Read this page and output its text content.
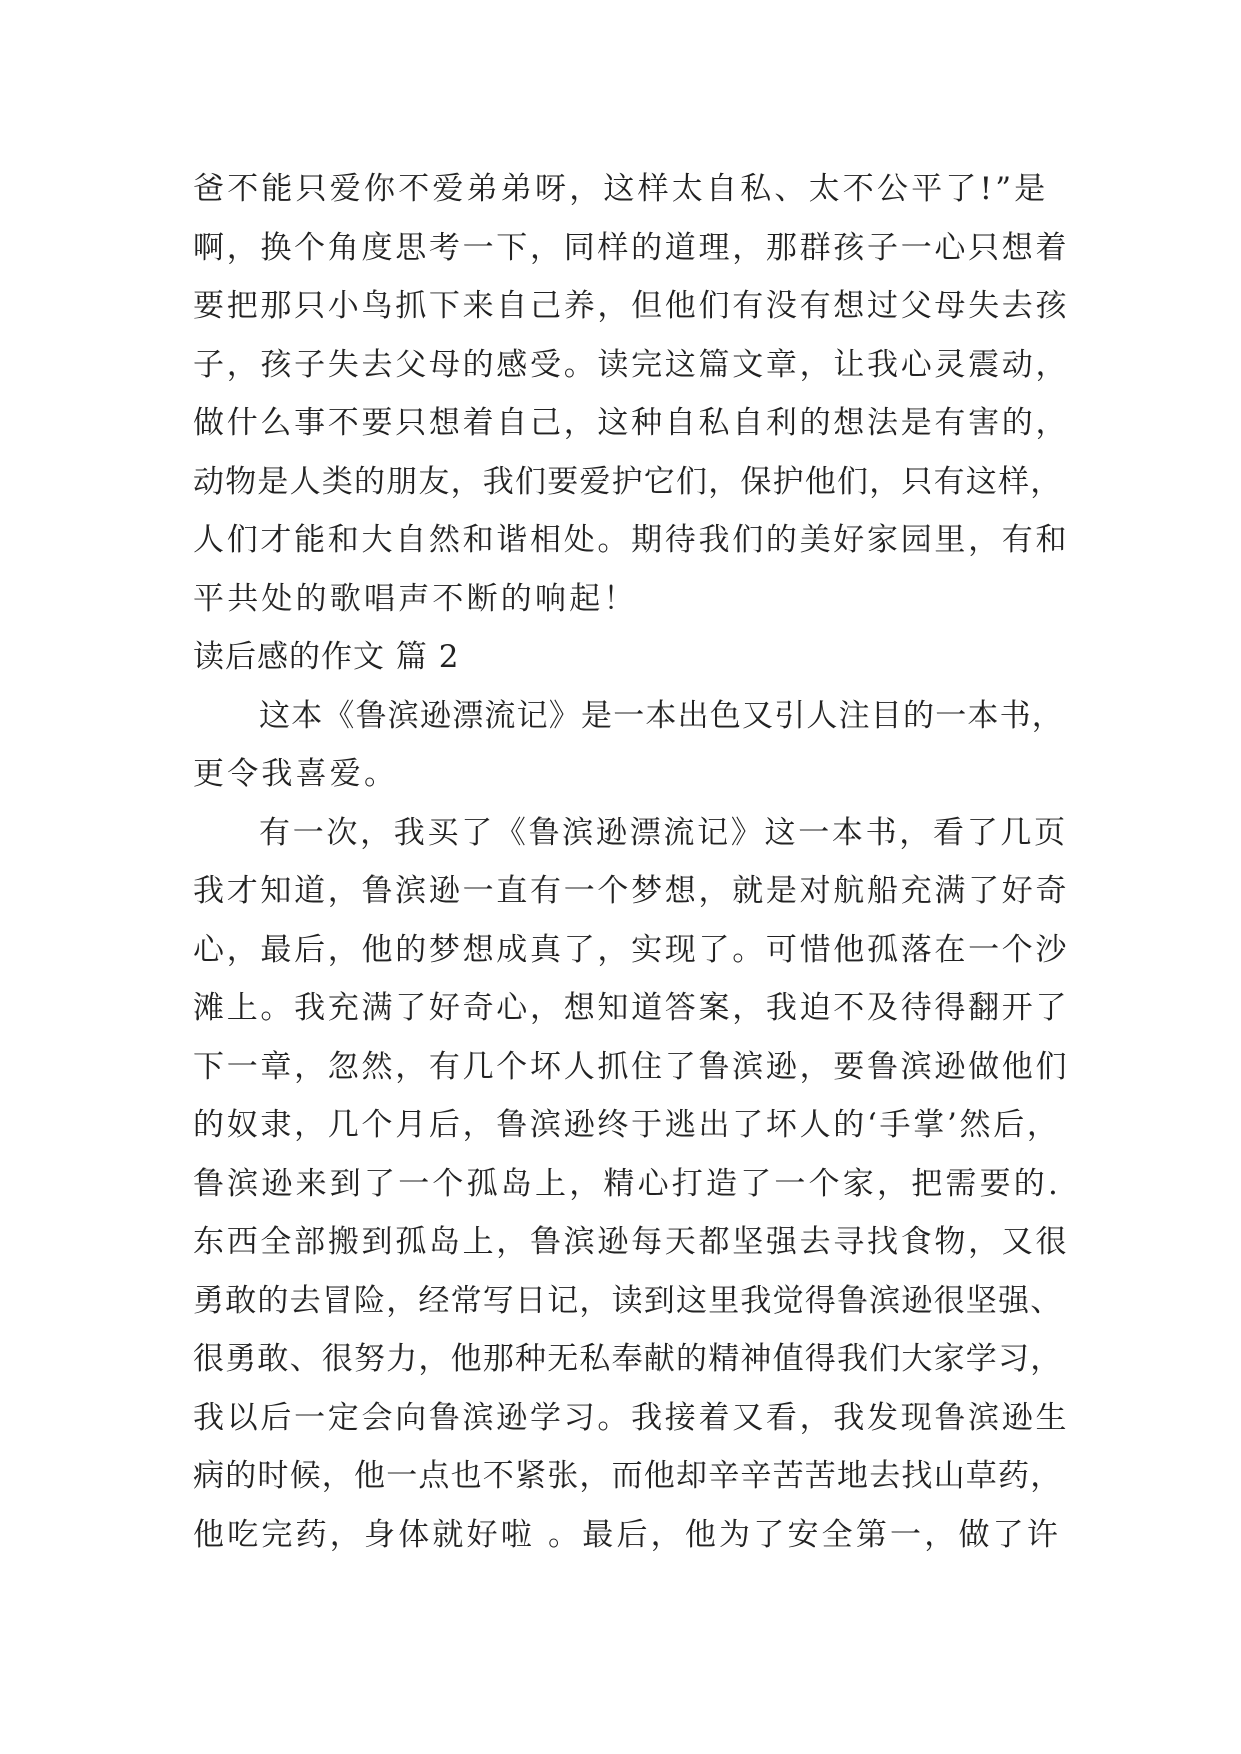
爸不能只爱你不爱弟弟呀，这样太自私、太不公平了!”是
啊，换个角度思考一下，同样的道理，那群孩子一心只想着
要把那只小鸟抓下来自己养，但他们有没有想过父母失去孩
子，孩子失去父母的感受。读完这篇文章，让我心灵震动，
做什么事不要只想着自己，这种自私自利的想法是有害的，
动物是人类的朋友，我们要爱护它们，保护他们，只有这样，
人们才能和大自然和谐相处。期待我们的美好家园里，有和
平共处的歌唱声不断的响起！
读后感的作文 篇 2
这本《鲁滨逊漂流记》是一本出色又引人注目的一本书，
更令我喜爱。
有一次，我买了《鲁滨逊漂流记》这一本书，看了几页
我才知道，鲁滨逊一直有一个梦想，就是对航船充满了好奇
心，最后，他的梦想成真了，实现了。可惜他孤落在一个沙
滩上。我充满了好奇心，想知道答案，我迫不及待得翻开了
下一章，忽然，有几个坏人抓住了鲁滨逊，要鲁滨逊做他们
的奴隶，几个月后，鲁滨逊终于逃出了坏人的‘手掌’然后，
鲁滨逊来到了一个孤岛上，精心打造了一个家，把需要的.
东西全部搬到孤岛上，鲁滨逊每天都坚强去寻找食物，又很
勇敢的去冒险，经常写日记，读到这里我觉得鲁滨逊很坚强、
很勇敢、很努力，他那种无私奉献的精神值得我们大家学习，
我以后一定会向鲁滨逊学习。我接着又看，我发现鲁滨逊生
病的时候，他一点也不紧张，而他却辛辛苦苦地去找山草药，
他吃完药，身体就好啦 。最后，他为了安全第一，做了许
